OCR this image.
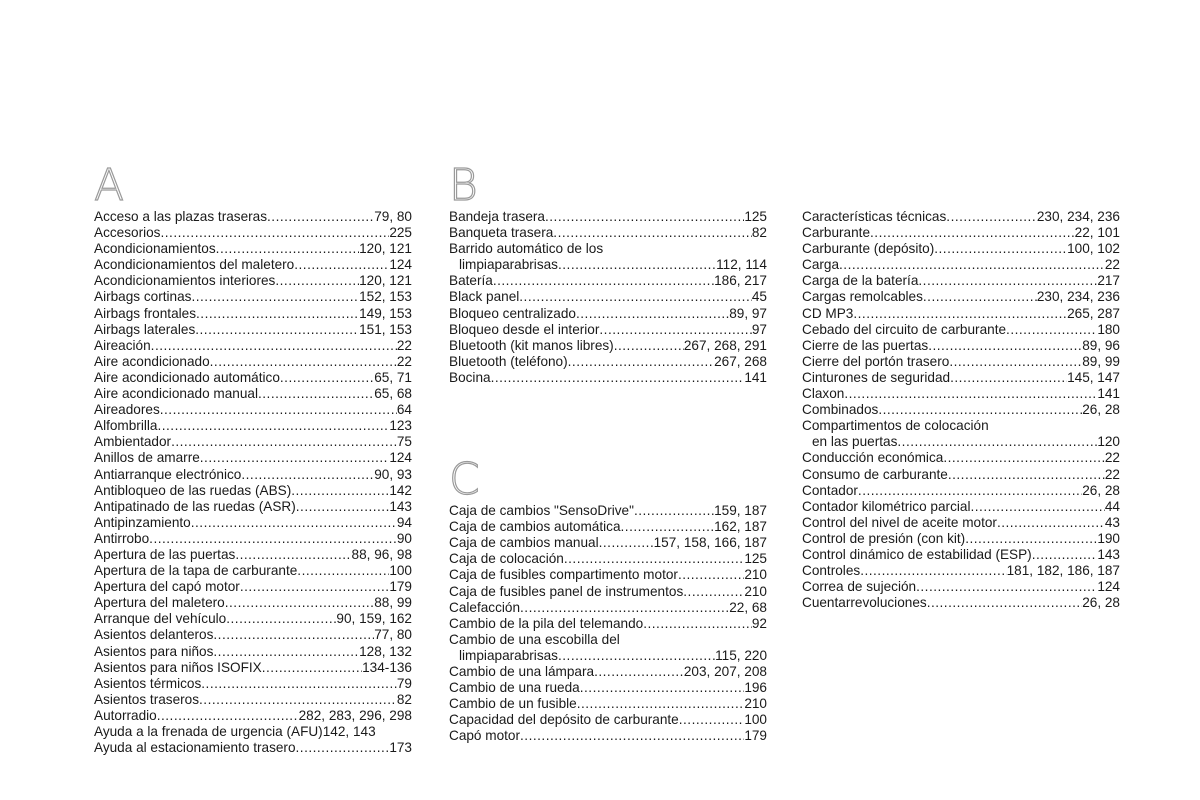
A
Acceso a las plazas traseras .....	79, 80
Accesorios .....	225
Acondicionamientos .....	120, 121
Acondicionamientos del maletero .....	124
Acondicionamientos interiores .....	120, 121
Airbags cortinas .....	152, 153
Airbags frontales .....	149, 153
Airbags laterales .....	151, 153
Aireación .....	22
Aire acondicionado .....	22
Aire acondicionado automático .....	65, 71
Aire acondicionado manual .....	65, 68
Aireadores .....	64
Alfombrilla .....	123
Ambientador .....	75
Anillos de amarre .....	124
Antiarranque electrónico .....	90, 93
Antibloqueo de las ruedas (ABS) .....	142
Antipatinado de las ruedas (ASR) .....	143
Antipinzamiento .....	94
Antirrobo .....	90
Apertura de las puertas .....	88, 96, 98
Apertura de la tapa de carburante .....	100
Apertura del capó motor .....	179
Apertura del maletero .....	88, 99
Arranque del vehículo .....	90, 159, 162
Asientos delanteros .....	77, 80
Asientos para niños .....	128, 132
Asientos para niños ISOFIX .....	134-136
Asientos térmicos .....	79
Asientos traseros .....	82
Autorradio .....	282, 283, 296, 298
Ayuda a la frenada de urgencia (AFU) 142, 143
Ayuda al estacionamiento trasero .....	173
B
Bandeja trasera .....	125
Banqueta trasera .....	82
Barrido automático de los
limpiaparabrisas .....	112, 114
Batería .....	186, 217
Black panel .....	45
Bloqueo centralizado .....	89, 97
Bloqueo desde el interior .....	97
Bluetooth (kit manos libres) .....	267, 268, 291
Bluetooth (teléfono) .....	267, 268
Bocina .....	141
C
Caja de cambios "SensoDrive" .....	159, 187
Caja de cambios automática .....	162, 187
Caja de cambios manual .....	157, 158, 166, 187
Caja de colocación .....	125
Caja de fusibles compartimento motor .....	210
Caja de fusibles panel de instrumentos .....	210
Calefacción .....	22, 68
Cambio de la pila del telemando .....	92
Cambio de una escobilla del
limpiaparabrisas .....	115, 220
Cambio de una lámpara .....	203, 207, 208
Cambio de una rueda .....	196
Cambio de un fusible .....	210
Capacidad del depósito de carburante .....	100
Capó motor .....	179
Características técnicas .....	230, 234, 236
Carburante .....	22, 101
Carburante (depósito) .....	100, 102
Carga .....	22
Carga de la batería .....	217
Cargas remolcables .....	230, 234, 236
CD MP3 .....	265, 287
Cebado del circuito de carburante .....	180
Cierre de las puertas .....	89, 96
Cierre del portón trasero .....	89, 99
Cinturones de seguridad .....	145, 147
Claxon .....	141
Combinados .....	26, 28
Compartimentos de colocación
en las puertas .....	120
Conducción económica .....	22
Consumo de carburante .....	22
Contador .....	26, 28
Contador kilométrico parcial .....	44
Control del nivel de aceite motor .....	43
Control de presión (con kit) .....	190
Control dinámico de estabilidad (ESP) .....	143
Controles .....	181, 182, 186, 187
Correa de sujeción .....	124
Cuentarrevoluciones .....	26, 28
